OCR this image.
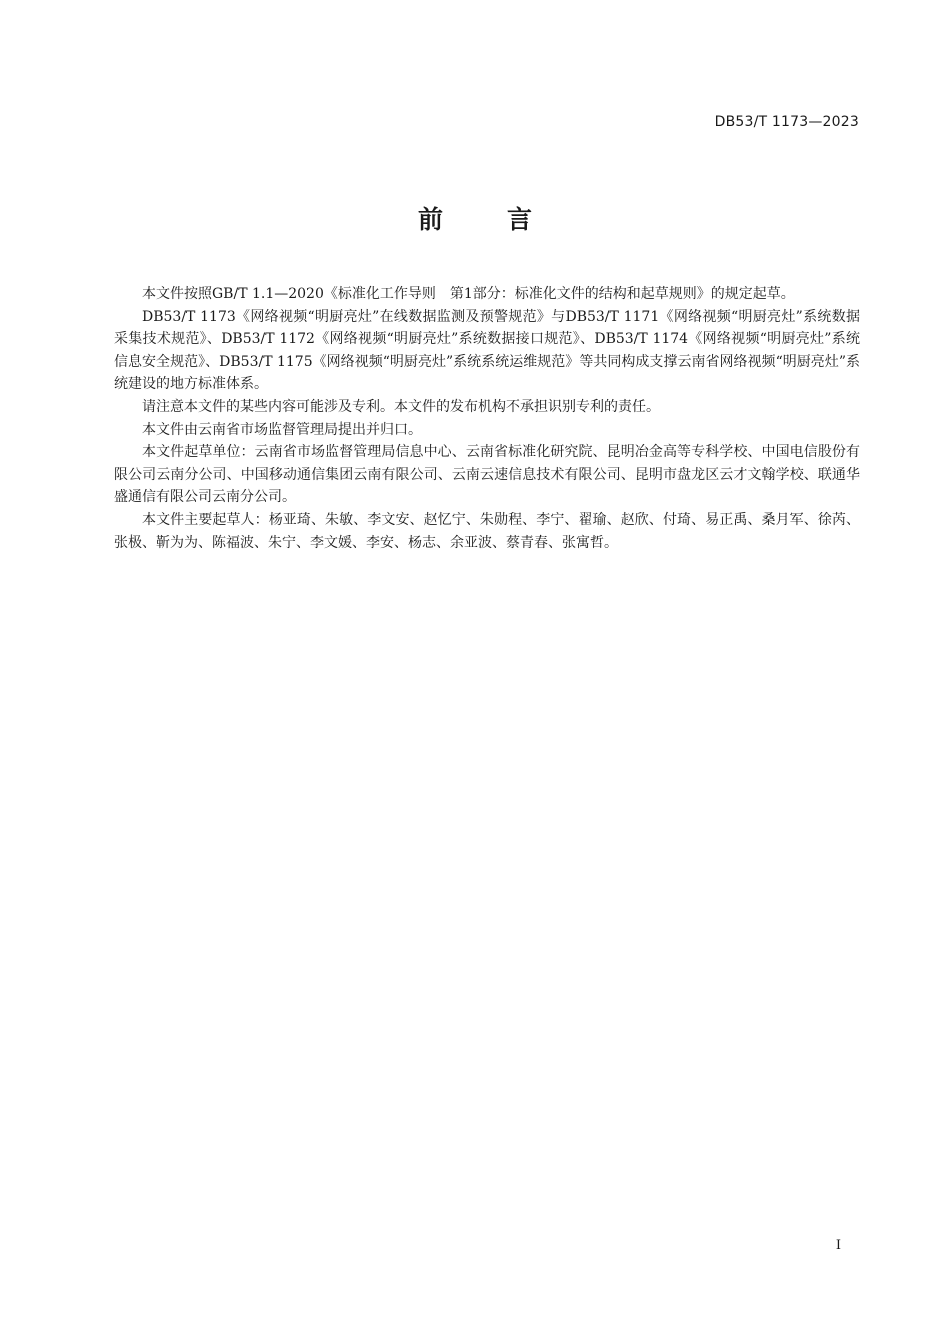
DB53/T 1173—2023
前言

本文件按照GB/T 1.1—2020《标准化工作导则　第1部分：标准化文件的结构和起草规则》的规定起草。

DB53/T 1173《网络视频“明厨亮灶”在线数据监测及预警规范》与DB53/T 1171《网络视频“明厨亮灶”系统数据采集技术规范》、DB53/T 1172《网络视频“明厨亮灶”系统数据接口规范》、DB53/T 1174《网络视频“明厨亮灶”系统信息安全规范》、DB53/T 1175《网络视频“明厨亮灶”系统系统运维规范》等共同构成支撑云南省网络视频“明厨亮灶”系统建设的地方标准体系。

请注意本文件的某些内容可能涉及专利。本文件的发布机构不承担识别专利的责任。

本文件由云南省市场监督管理局提出并归口。

本文件起草单位：云南省市场监督管理局信息中心、云南省标准化研究院、昆明冶金高等专科学校、中国电信股份有限公司云南分公司、中国移动通信集团云南有限公司、云南云速信息技术有限公司、昆明市盘龙区云才文翰学校、联通华盛通信有限公司云南分公司。

本文件主要起草人：杨亚琦、朱敏、李文安、赵忆宁、朱勋程、李宁、翟瑜、赵欣、付琦、易正禹、桑月军、徐芮、张极、靳为为、陈福波、朱宁、李文媛、李安、杨志、余亚波、蔡青春、张寓哲。

I
